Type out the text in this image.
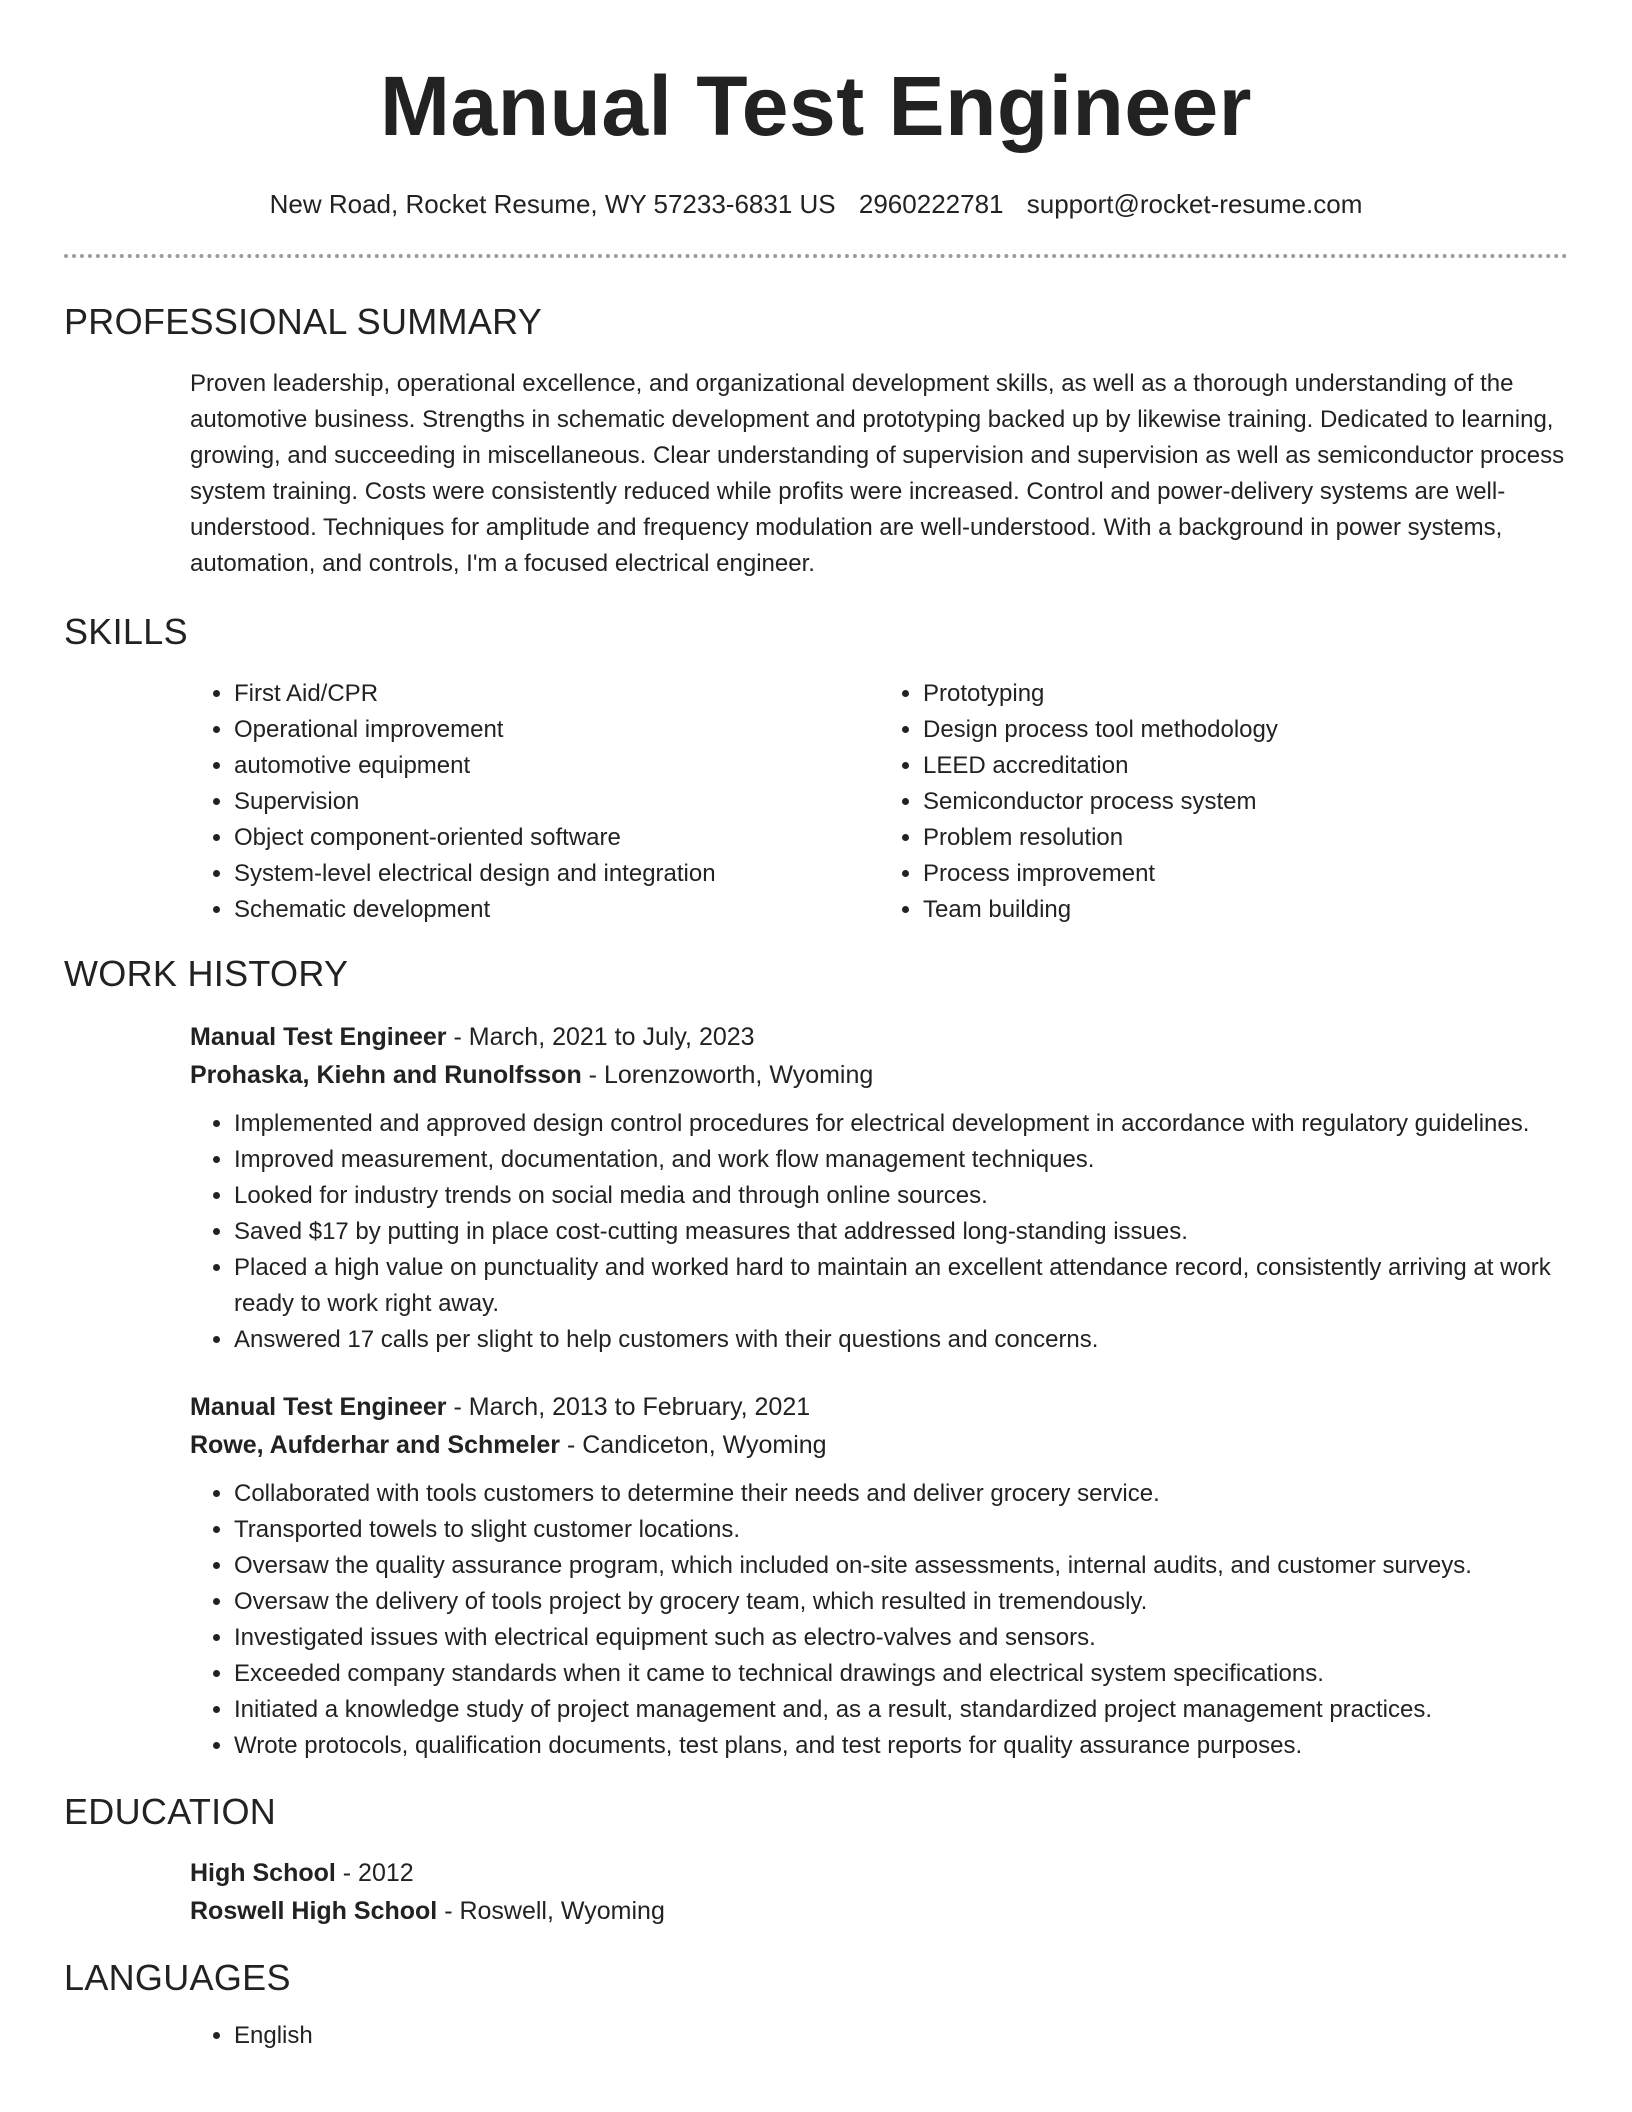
Manual Test Engineer
New Road, Rocket Resume, WY 57233-6831 US 2960222781 support@rocket-resume.com
PROFESSIONAL SUMMARY
Proven leadership, operational excellence, and organizational development skills, as well as a thorough understanding of the automotive business. Strengths in schematic development and prototyping backed up by likewise training. Dedicated to learning, growing, and succeeding in miscellaneous. Clear understanding of supervision and supervision as well as semiconductor process system training. Costs were consistently reduced while profits were increased. Control and power-delivery systems are well-understood. Techniques for amplitude and frequency modulation are well-understood. With a background in power systems, automation, and controls, I'm a focused electrical engineer.
SKILLS
• First Aid/CPR
• Operational improvement
• automotive equipment
• Supervision
• Object component-oriented software
• System-level electrical design and integration
• Schematic development
• Prototyping
• Design process tool methodology
• LEED accreditation
• Semiconductor process system
• Problem resolution
• Process improvement
• Team building
WORK HISTORY
Manual Test Engineer - March, 2021 to July, 2023
Prohaska, Kiehn and Runolfsson - Lorenzoworth, Wyoming
• Implemented and approved design control procedures for electrical development in accordance with regulatory guidelines.
• Improved measurement, documentation, and work flow management techniques.
• Looked for industry trends on social media and through online sources.
• Saved $17 by putting in place cost-cutting measures that addressed long-standing issues.
• Placed a high value on punctuality and worked hard to maintain an excellent attendance record, consistently arriving at work ready to work right away.
• Answered 17 calls per slight to help customers with their questions and concerns.
Manual Test Engineer - March, 2013 to February, 2021
Rowe, Aufderhar and Schmeler - Candiceton, Wyoming
• Collaborated with tools customers to determine their needs and deliver grocery service.
• Transported towels to slight customer locations.
• Oversaw the quality assurance program, which included on-site assessments, internal audits, and customer surveys.
• Oversaw the delivery of tools project by grocery team, which resulted in tremendously.
• Investigated issues with electrical equipment such as electro-valves and sensors.
• Exceeded company standards when it came to technical drawings and electrical system specifications.
• Initiated a knowledge study of project management and, as a result, standardized project management practices.
• Wrote protocols, qualification documents, test plans, and test reports for quality assurance purposes.
EDUCATION
High School - 2012
Roswell High School - Roswell, Wyoming
LANGUAGES
• English
